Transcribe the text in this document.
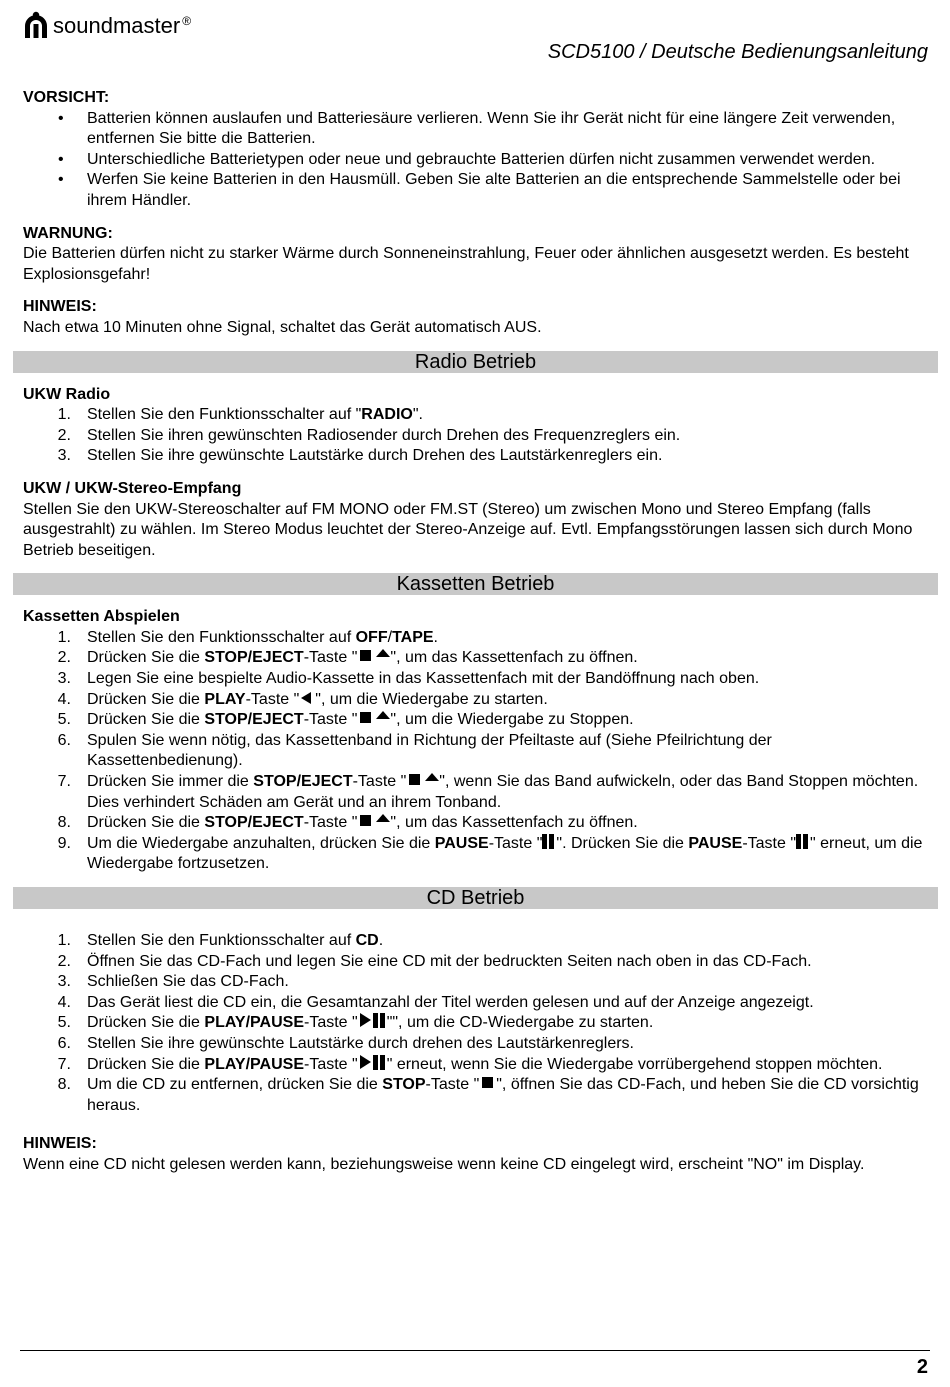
soundmaster ®
SCD5100 / Deutsche Bedienungsanleitung

VORSICHT:

• Batterien können auslaufen und Batteriesäure verlieren. Wenn Sie ihr Gerät nicht für eine längere Zeit verwenden, entfernen Sie bitte die Batterien.
• Unterschiedliche Batterietypen oder neue und gebrauchte Batterien dürfen nicht zusammen verwendet werden.
• Werfen Sie keine Batterien in den Hausmüll. Geben Sie alte Batterien an die entsprechende Sammelstelle oder bei ihrem Händler.

WARNUNG:

Die Batterien dürfen nicht zu starker Wärme durch Sonneneinstrahlung, Feuer oder ähnlichen ausgesetzt werden. Es besteht Explosionsgefahr!

HINWEIS:

Nach etwa 10 Minuten ohne Signal, schaltet das Gerät automatisch AUS.

Radio Betrieb

UKW Radio

1. Stellen Sie den Funktionsschalter auf "RADIO".
2. Stellen Sie ihren gewünschten Radiosender durch Drehen des Frequenzreglers ein.
3. Stellen Sie ihre gewünschte Lautstärke durch Drehen des Lautstärkenreglers ein.

UKW / UKW-Stereo-Empfang

Stellen Sie den UKW-Stereoschalter auf FM MONO oder FM.ST (Stereo) um zwischen Mono und Stereo Empfang (falls ausgestrahlt) zu wählen. Im Stereo Modus leuchtet der Stereo-Anzeige auf. Evtl. Empfangsstörungen lassen sich durch Mono Betrieb beseitigen.

Kassetten Betrieb

Kassetten Abspielen

1. Stellen Sie den Funktionsschalter auf OFF/TAPE.
2. Drücken Sie die STOP/EJECT-Taste " ", um das Kassettenfach zu öffnen.
3. Legen Sie eine bespielte Audio-Kassette in das Kassettenfach mit der Bandöffnung nach oben.
4. Drücken Sie die PLAY-Taste " ", um die Wiedergabe zu starten.
5. Drücken Sie die STOP/EJECT-Taste " ", um die Wiedergabe zu Stoppen.
6. Spulen Sie wenn nötig, das Kassettenband in Richtung der Pfeiltaste auf (Siehe Pfeilrichtung der Kassettenbedienung).
7. Drücken Sie immer die STOP/EJECT-Taste " ", wenn Sie das Band aufwickeln, oder das Band Stoppen möchten. Dies verhindert Schäden am Gerät und an ihrem Tonband.
8. Drücken Sie die STOP/EJECT-Taste " ", um das Kassettenfach zu öffnen.
9. Um die Wiedergabe anzuhalten, drücken Sie die PAUSE-Taste " ". Drücken Sie die PAUSE-Taste " " erneut, um die Wiedergabe fortzusetzen.
CD Betrieb
1. Stellen Sie den Funktionsschalter auf CD.
2. Öffnen Sie das CD-Fach und legen Sie eine CD mit der bedruckten Seiten nach oben in das CD-Fach.
3. Schließen Sie das CD-Fach.
4. Das Gerät liest die CD ein, die Gesamtanzahl der Titel werden gelesen und auf der Anzeige angezeigt.
5. Drücken Sie die PLAY/PAUSE-Taste " "", um die CD-Wiedergabe zu starten.
6. Stellen Sie ihre gewünschte Lautstärke durch drehen des Lautstärkenreglers.
7. Drücken Sie die PLAY/PAUSE-Taste " " erneut, wenn Sie die Wiedergabe vorrübergehend stoppen möchten.
8. Um die CD zu entfernen, drücken Sie die STOP-Taste " ", öffnen Sie das CD-Fach, und heben Sie die CD vorsichtig heraus.

HINWEIS:

Wenn eine CD nicht gelesen werden kann, beziehungsweise wenn keine CD eingelegt wird, erscheint "NO" im Display.

2
